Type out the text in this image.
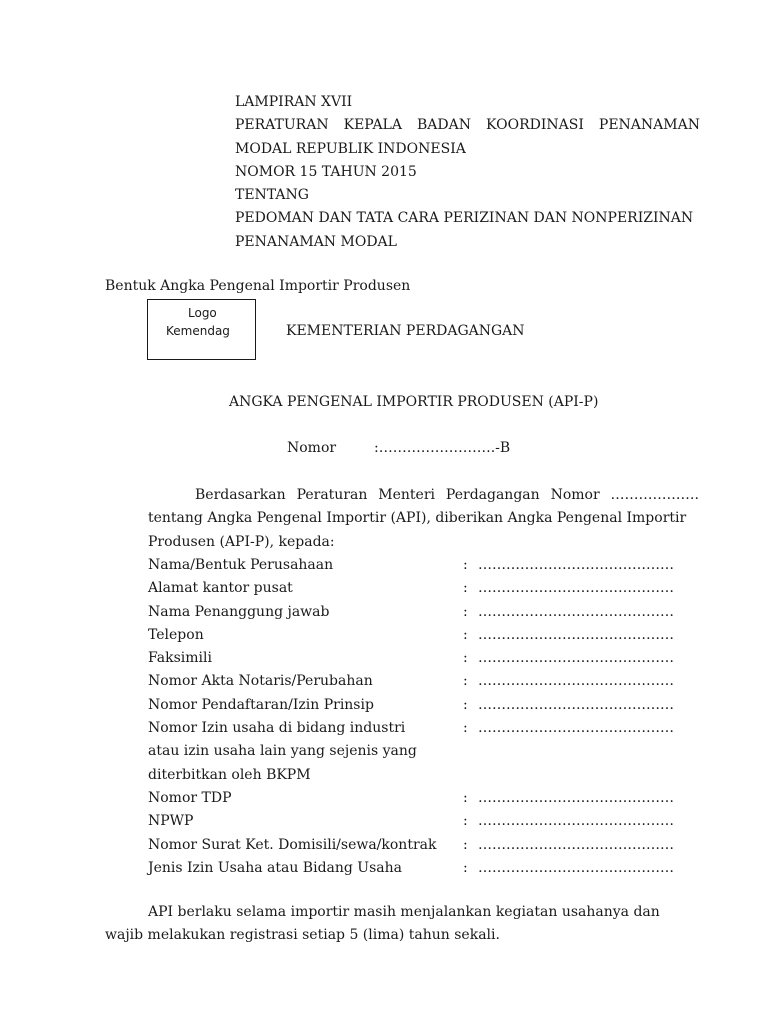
LAMPIRAN XVII
PERATURAN KEPALA BADAN KOORDINASI PENANAMAN
MODAL REPUBLIK INDONESIA
NOMOR 15 TAHUN 2015
TENTANG
PEDOMAN DAN TATA CARA PERIZINAN DAN NONPERIZINAN
PENANAMAN MODAL
Bentuk Angka Pengenal Importir Produsen
Logo
Kemendag	KEMENTERIAN PERDAGANGAN
ANGKA PENGENAL IMPORTIR PRODUSEN (API-P)
Nomor	:…………………….-B
Berdasarkan Peraturan Menteri Perdagangan Nomor ……………….
tentang Angka Pengenal Importir (API), diberikan Angka Pengenal Importir
Produsen (API-P), kepada:
Nama/Bentuk Perusahaan	: ……………………………………
Alamat kantor pusat	: ……………………………………
Nama Penanggung jawab	: ……………………………………
Telepon	: ……………………………………
Faksimili	: ……………………………………
Nomor Akta Notaris/Perubahan	: ……………………………………
Nomor Pendaftaran/Izin Prinsip	: ……………………………………
Nomor Izin usaha di bidang industri	: ……………………………………
atau izin usaha lain yang sejenis yang
diterbitkan oleh BKPM
Nomor TDP	: ……………………………………
NPWP	: ……………………………………
Nomor Surat Ket. Domisili/sewa/kontrak : ……………………………………
Jenis Izin Usaha atau Bidang Usaha	: ……………………………………
API berlaku selama importir masih menjalankan kegiatan usahanya dan
wajib melakukan registrasi setiap 5 (lima) tahun sekali.
